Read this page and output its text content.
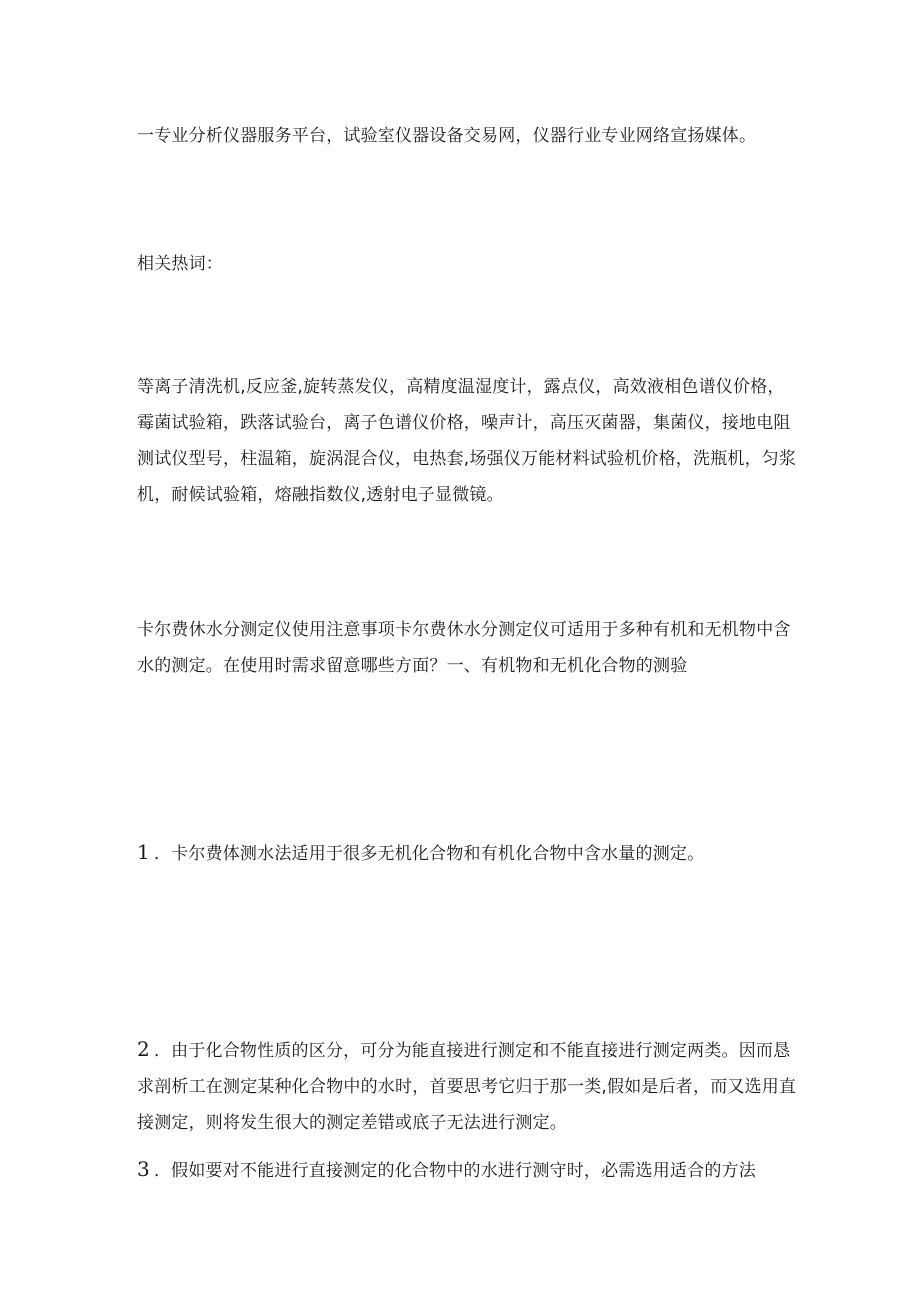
一专业分析仪器服务平台，试验室仪器设备交易网，仪器行业专业网络宣扬媒体。

相关热词：

等离子清洗机,反应釜,旋转蒸发仪，高精度温湿度计，露点仪，高效液相色谱仪价格，霉菌试验箱，跌落试验台，离子色谱仪价格，噪声计，高压灭菌器，集菌仪，接地电阻测试仪型号，柱温箱，旋涡混合仪，电热套,场强仪万能材料试验机价格，洗瓶机，匀浆机，耐候试验箱，熔融指数仪,透射电子显微镜。

卡尔费休水分测定仪使用注意事项卡尔费休水分测定仪可适用于多种有机和无机物中含水的测定。在使用时需求留意哪些方面？一、有机物和无机化合物的测验

1 ．卡尔费体测水法适用于很多无机化合物和有机化合物中含水量的测定。

2 ．由于化合物性质的区分，可分为能直接进行测定和不能直接进行测定两类。因而恳求剖析工在测定某种化合物中的水时，首要思考它归于那一类,假如是后者，而又选用直接测定，则将发生很大的测定差错或底子无法进行测定。

3 ．假如要对不能进行直接测定的化合物中的水进行测守时，必需选用适合的方法
